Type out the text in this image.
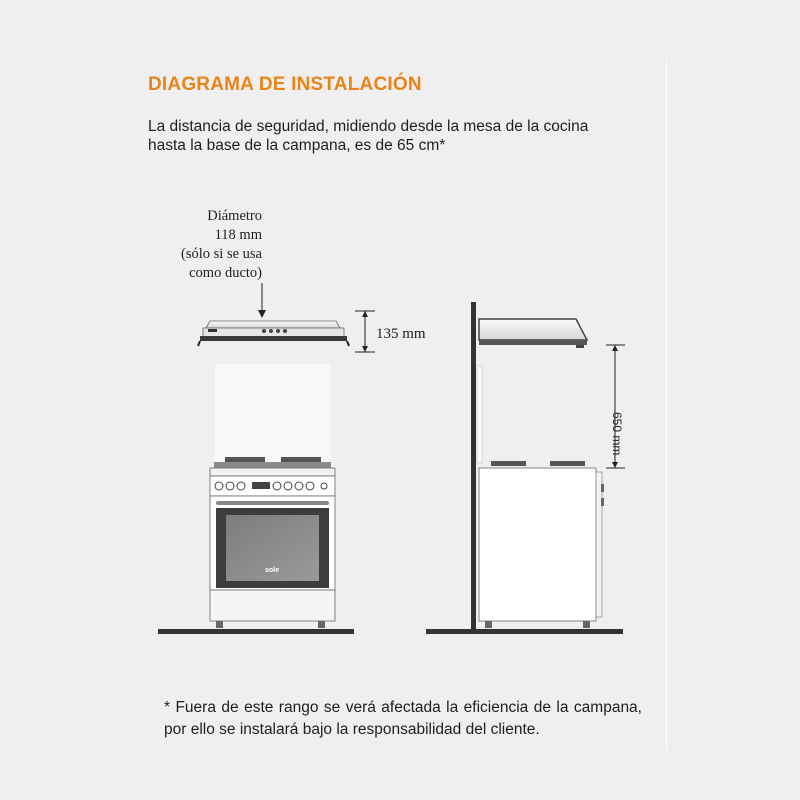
DIAGRAMA DE INSTALACIÓN
La distancia de seguridad, midiendo desde la mesa de la cocina
hasta la base de la campana, es de 65 cm*
Diámetro
118 mm
(sólo si se usa
como ducto)
135 mm
650 mm
sole
* Fuera de este rango se verá afectada la eficiencia de la campana, por ello se instalará bajo la responsabilidad del cliente.
